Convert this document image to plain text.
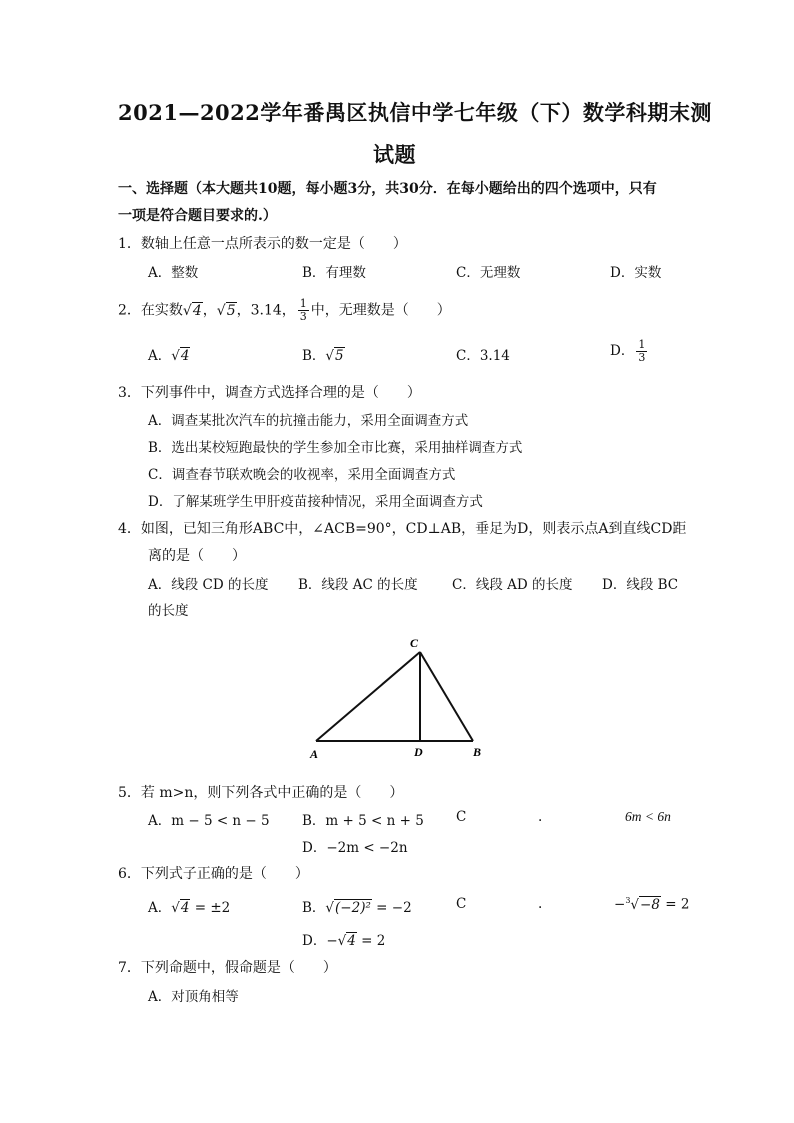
2021—2022学年番禺区执信中学七年级（下）数学科期末测
试题
一、选择题（本大题共10题，每小题3分，共30分．在每小题给出的四个选项中，只有
一项是符合题目要求的.）
1．数轴上任意一点所表示的数一定是（　　）
A．整数	B．有理数	C．无理数	D．实数
2．在实数√4，√5，3.14， $\frac{1}{3}$ 中，无理数是（　　）
A．√4	B．√5	C．3.14	D． $\frac{1}{3}$
3．下列事件中，调查方式选择合理的是（　　）
A．调查某批次汽车的抗撞击能力，采用全面调查方式
B．选出某校短跑最快的学生参加全市比赛，采用抽样调查方式
C．调查春节联欢晚会的收视率，采用全面调查方式
D．了解某班学生甲肝疫苗接种情况，采用全面调查方式
4．如图，已知三角形ABC中，∠ACB=90°，CD⊥AB，垂足为D，则表示点A到直线CD距
离的是（　　）
A．线段 CD 的长度 B．线段 AC 的长度	C．线段 AD 的长度 D．线段 BC
的长度
C
A	D	B
5．若 m>n，则下列各式中正确的是（　　）
A．m − 5 < n − 5 B．m + 5 < n + 5 C	.	6m < 6n
D．−2m < −2n
6．下列式子正确的是（　　）
A．√4 = ±2	B．√(−2)² = −2	C	.	−$^3$√−8 = 2
D．−√4 = 2
7．下列命题中，假命题是（　　）
A．对顶角相等
